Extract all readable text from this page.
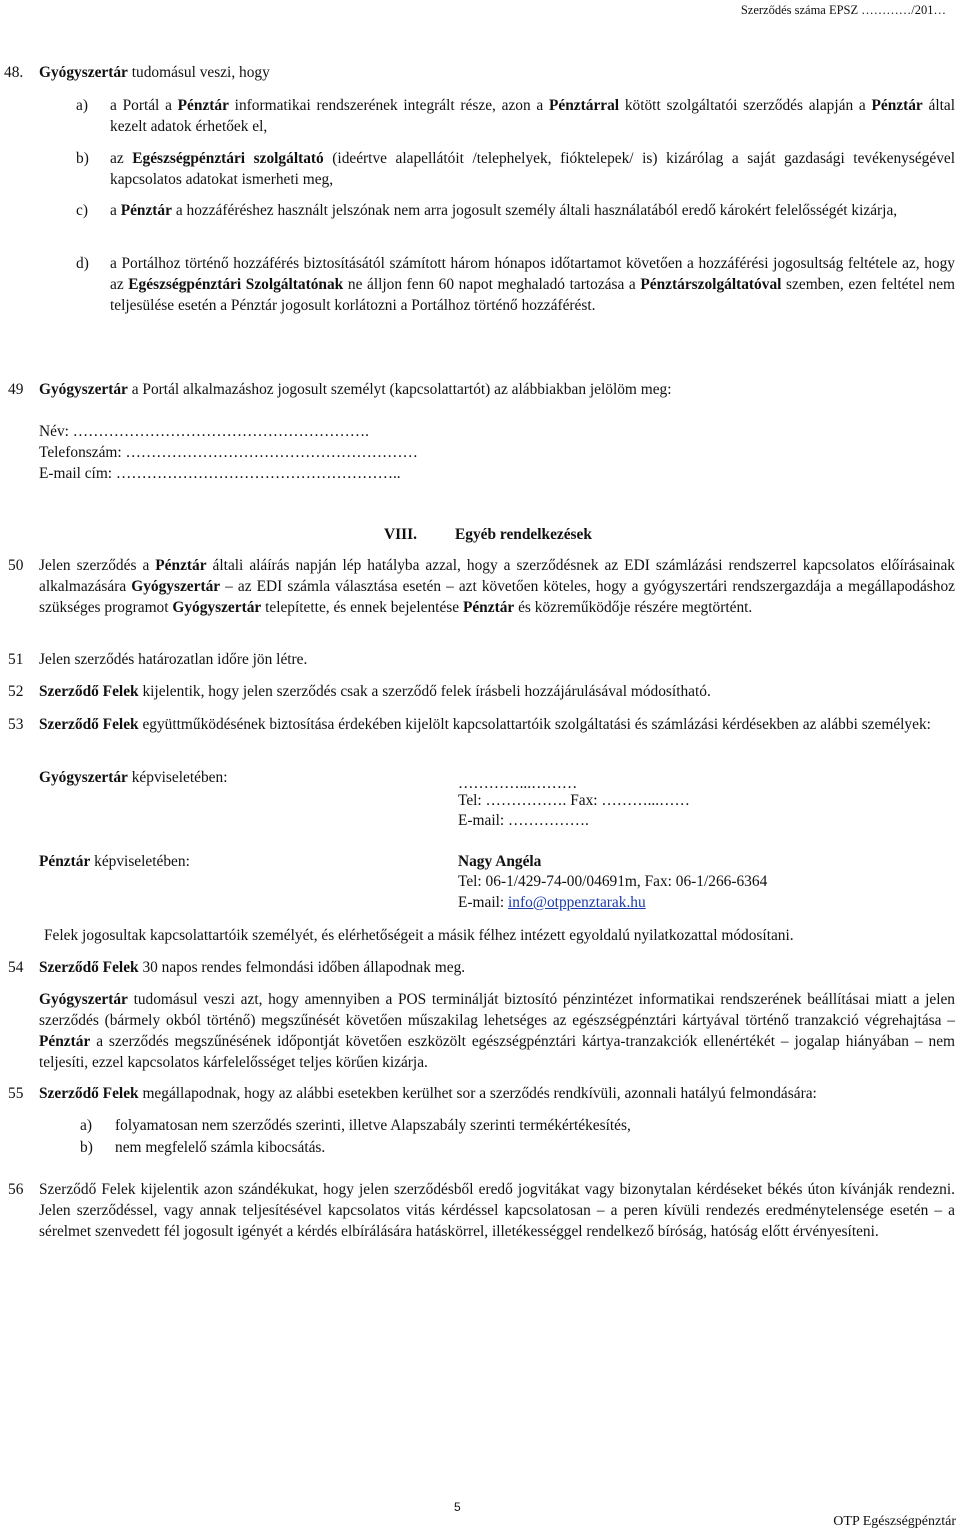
Szerződés száma EPSZ …………/201…
48. Gyógyszertár tudomásul veszi, hogy
a) a Portál a Pénztár informatikai rendszerének integrált része, azon a Pénztárral kötött szolgáltatói szerződés alapján a Pénztár által kezelt adatok érhetőek el,
b) az Egészségpénztári szolgáltató (ideértve alapellátóit /telephelyek, fióktelepek/ is) kizárólag a saját gazdasági tevékenységével kapcsolatos adatokat ismerheti meg,
c) a Pénztár a hozzáféréshez használt jelszónak nem arra jogosult személy általi használatából eredő károkért felelősségét kizárja,
d) a Portálhoz történő hozzáférés biztosításától számított három hónapos időtartamot követően a hozzáférési jogosultság feltétele az, hogy az Egészségpénztári Szolgáltatónak ne álljon fenn 60 napot meghaladó tartozása a Pénztárszolgáltatóval szemben, ezen feltétel nem teljesülése esetén a Pénztár jogosult korlátozni a Portálhoz történő hozzáférést.
49 Gyógyszertár a Portál alkalmazáshoz jogosult személyt (kapcsolattartót) az alábbiakban jelölöm meg:
Név: ………………………………………………….
Telefonszám: …………………………………………………
E-mail cím: ………………………………………………..
VIII. Egyéb rendelkezések
50 Jelen szerződés a Pénztár általi aláírás napján lép hatályba azzal, hogy a szerződésnek az EDI számlázási rendszerrel kapcsolatos előírásainak alkalmazására Gyógyszertár – az EDI számla választása esetén – azt követően köteles, hogy a gyógyszertári rendszergazdája a megállapodáshoz szükséges programot Gyógyszertár telepítette, és ennek bejelentése Pénztár és közreműködője részére megtörtént.
51 Jelen szerződés határozatlan időre jön létre.
52 Szerződő Felek kijelentik, hogy jelen szerződés csak a szerződő felek írásbeli hozzájárulásával módosítható.
53 Szerződő Felek együttműködésének biztosítása érdekében kijelölt kapcsolattartóik szolgáltatási és számlázási kérdésekben az alábbi személyek:
Gyógyszertár képviseletében:	…………...………
Tel: ……………. Fax: ………...……
E-mail: …………….
Pénztár képviseletében:	Nagy Angéla
Tel: 06-1/429-74-00/04691m, Fax: 06-1/266-6364
E-mail: info@otppenztarak.hu
Felek jogosultak kapcsolattartóik személyét, és elérhetőségeit a másik félhez intézett egyoldalú nyilatkozattal módosítani.
54 Szerződő Felek 30 napos rendes felmondási időben állapodnak meg.
Gyógyszertár tudomásul veszi azt, hogy amennyiben a POS terminálját biztosító pénzintézet informatikai rendszerének beállításai miatt a jelen szerződés (bármely okból történő) megszűnését követően műszakilag lehetséges az egészségpénztári kártyával történő tranzakció végrehajtása – Pénztár a szerződés megszűnésének időpontját követően eszközölt egészségpénztári kártya-tranzakciók ellenértékét – jogalap hiányában – nem teljesíti, ezzel kapcsolatos kárfelelősséget teljes körűen kizárja.
55 Szerződő Felek megállapodnak, hogy az alábbi esetekben kerülhet sor a szerződés rendkívüli, azonnali hatályú felmondására:
a) folyamatosan nem szerződés szerinti, illetve Alapszabály szerinti termékértékesítés,
b) nem megfelelő számla kibocsátás.
56 Szerződő Felek kijelentik azon szándékukat, hogy jelen szerződésből eredő jogvitákat vagy bizonytalan kérdéseket békés úton kívánják rendezni. Jelen szerződéssel, vagy annak teljesítésével kapcsolatos vitás kérdéssel kapcsolatosan – a peren kívüli rendezés eredménytelensége esetén – a sérelmet szenvedett fél jogosult igényét a kérdés elbírálására hatáskörrel, illetékességgel rendelkező bíróság, hatóság előtt érvényesíteni.
5
OTP Egészségpénztár
